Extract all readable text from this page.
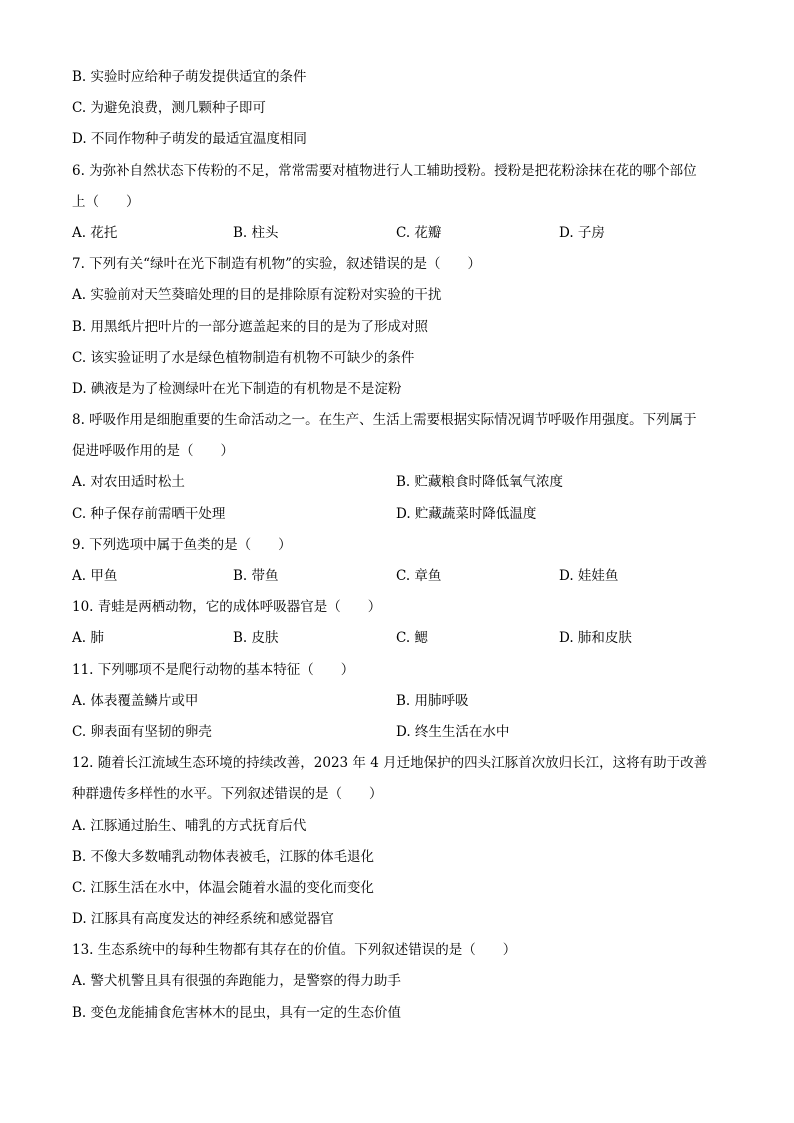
B. 实验时应给种子萌发提供适宜的条件
C. 为避免浪费，测几颗种子即可
D. 不同作物种子萌发的最适宜温度相同
6. 为弥补自然状态下传粉的不足，常常需要对植物进行人工辅助授粉。授粉是把花粉涂抹在花的哪个部位
上（　　）
A. 花托	B. 柱头	C. 花瓣	D. 子房
7. 下列有关“绿叶在光下制造有机物”的实验，叙述错误的是（　　）
A. 实验前对天竺葵暗处理的目的是排除原有淀粉对实验的干扰
B. 用黑纸片把叶片的一部分遮盖起来的目的是为了形成对照
C. 该实验证明了水是绿色植物制造有机物不可缺少的条件
D. 碘液是为了检测绿叶在光下制造的有机物是不是淀粉
8. 呼吸作用是细胞重要的生命活动之一。在生产、生活上需要根据实际情况调节呼吸作用强度。下列属于
促进呼吸作用的是（　　）
A. 对农田适时松土	B. 贮藏粮食时降低氧气浓度
C. 种子保存前需晒干处理	D. 贮藏蔬菜时降低温度
9. 下列选项中属于鱼类的是（　　）
A. 甲鱼	B. 带鱼	C. 章鱼	D. 娃娃鱼
10. 青蛙是两栖动物，它的成体呼吸器官是（　　）
A. 肺	B. 皮肤	C. 鳃	D. 肺和皮肤
11. 下列哪项不是爬行动物的基本特征（　　）
A. 体表覆盖鳞片或甲	B. 用肺呼吸
C. 卵表面有坚韧的卵壳	D. 终生生活在水中
12. 随着长江流域生态环境的持续改善，2023 年 4 月迁地保护的四头江豚首次放归长江，这将有助于改善
种群遗传多样性的水平。下列叙述错误的是（　　）
A. 江豚通过胎生、哺乳的方式抚育后代
B. 不像大多数哺乳动物体表被毛，江豚的体毛退化
C. 江豚生活在水中，体温会随着水温的变化而变化
D. 江豚具有高度发达的神经系统和感觉器官
13. 生态系统中的每种生物都有其存在的价值。下列叙述错误的是（　　）
A. 警犬机警且具有很强的奔跑能力，是警察的得力助手
B. 变色龙能捕食危害林木的昆虫，具有一定的生态价值
